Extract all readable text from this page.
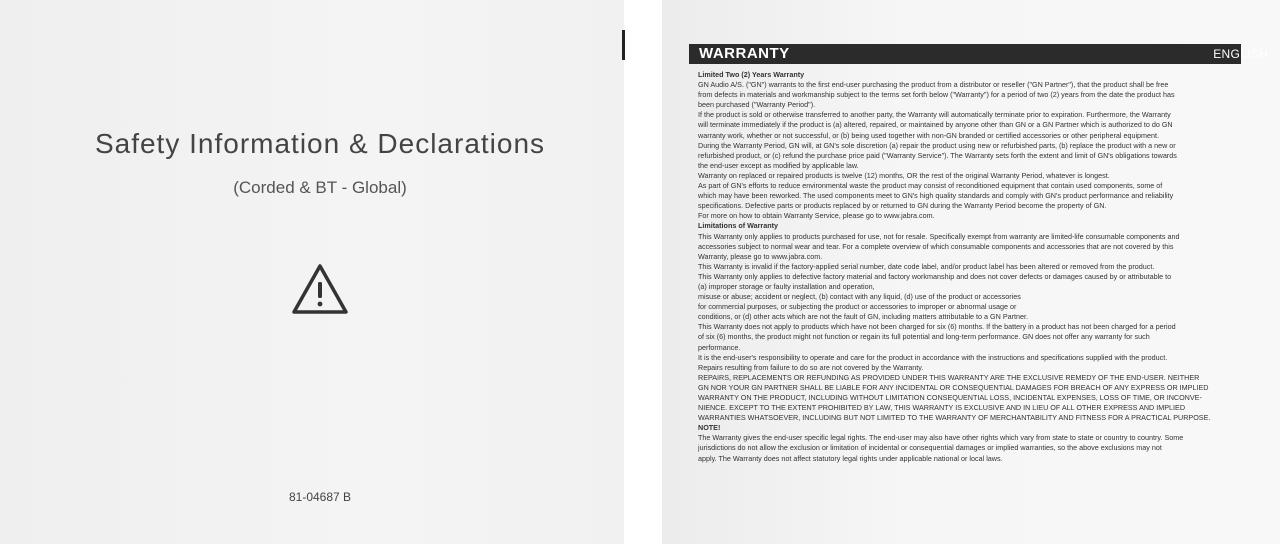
Safety Information & Declarations
(Corded & BT - Global)
81-04687 B
WARRANTY	ENGLISH
Limited Two (2) Years Warranty
GN Audio A/S. ("GN") warrants to the first end-user purchasing the product from a distributor or reseller ("GN Partner"), that the product shall be free
from defects in materials and workmanship subject to the terms set forth below ("Warranty") for a period of two (2) years from the date the product has
been purchased ("Warranty Period").
If the product is sold or otherwise transferred to another party, the Warranty will automatically terminate prior to expiration. Furthermore, the Warranty
will terminate immediately if the product is (a) altered, repaired, or maintained by anyone other than GN or a GN Partner which is authorized to do GN
warranty work, whether or not successful, or (b) being used together with non-GN branded or certified accessories or other peripheral equipment.
During the Warranty Period, GN will, at GN's sole discretion (a) repair the product using new or refurbished parts, (b) replace the product with a new or
refurbished product, or (c) refund the purchase price paid ("Warranty Service"). The Warranty sets forth the extent and limit of GN's obligations towards
the end-user except as modified by applicable law.
Warranty on replaced or repaired products is twelve (12) months, OR the rest of the original Warranty Period, whatever is longest.
As part of GN's efforts to reduce environmental waste the product may consist of reconditioned equipment that contain used components, some of
which may have been reworked. The used components meet to GN's high quality standards and comply with GN's product performance and reliability
specifications. Defective parts or products replaced by or returned to GN during the Warranty Period become the property of GN.
For more on how to obtain Warranty Service, please go to www.jabra.com.
Limitations of Warranty
This Warranty only applies to products purchased for use, not for resale. Specifically exempt from warranty are limited-life consumable components and
accessories subject to normal wear and tear. For a complete overview of which consumable components and accessories that are not covered by this
Warranty, please go to www.jabra.com.
This Warranty is invalid if the factory-applied serial number, date code label, and/or product label has been altered or removed from the product.
This Warranty only applies to defective factory material and factory workmanship and does not cover defects or damages caused by or attributable to
(a) improper storage or faulty installation and operation,
misuse or abuse; accident or neglect, (b) contact with any liquid, (d) use of the product or accessories
for commercial purposes, or subjecting the product or accessories to improper or abnormal usage or
conditions, or (d) other acts which are not the fault of GN, including matters attributable to a GN Partner.
This Warranty does not apply to products which have not been charged for six (6) months. If the battery in a product has not been charged for a period
of six (6) months, the product might not function or regain its full potential and long-term performance. GN does not offer any warranty for such
performance.
It is the end-user's responsibility to operate and care for the product in accordance with the instructions and specifications supplied with the product.
Repairs resulting from failure to do so are not covered by the Warranty.
REPAIRS, REPLACEMENTS OR REFUNDING AS PROVIDED UNDER THIS WARRANTY ARE THE EXCLUSIVE REMEDY OF THE END-USER. NEITHER
GN NOR YOUR GN PARTNER SHALL BE LIABLE FOR ANY INCIDENTAL OR CONSEQUENTIAL DAMAGES FOR BREACH OF ANY EXPRESS OR IMPLIED
WARRANTY ON THE PRODUCT, INCLUDING WITHOUT LIMITATION CONSEQUENTIAL LOSS, INCIDENTAL EXPENSES, LOSS OF TIME, OR INCONVE-
NIENCE. EXCEPT TO THE EXTENT PROHIBITED BY LAW, THIS WARRANTY IS EXCLUSIVE AND IN LIEU OF ALL OTHER EXPRESS AND IMPLIED
WARRANTIES WHATSOEVER, INCLUDING BUT NOT LIMITED TO THE WARRANTY OF MERCHANTABILITY AND FITNESS FOR A PRACTICAL PURPOSE.
NOTE!
The Warranty gives the end-user specific legal rights. The end-user may also have other rights which vary from state to state or country to country. Some
jurisdictions do not allow the exclusion or limitation of incidental or consequential damages or implied warranties, so the above exclusions may not
apply. The Warranty does not affect statutory legal rights under applicable national or local laws.
